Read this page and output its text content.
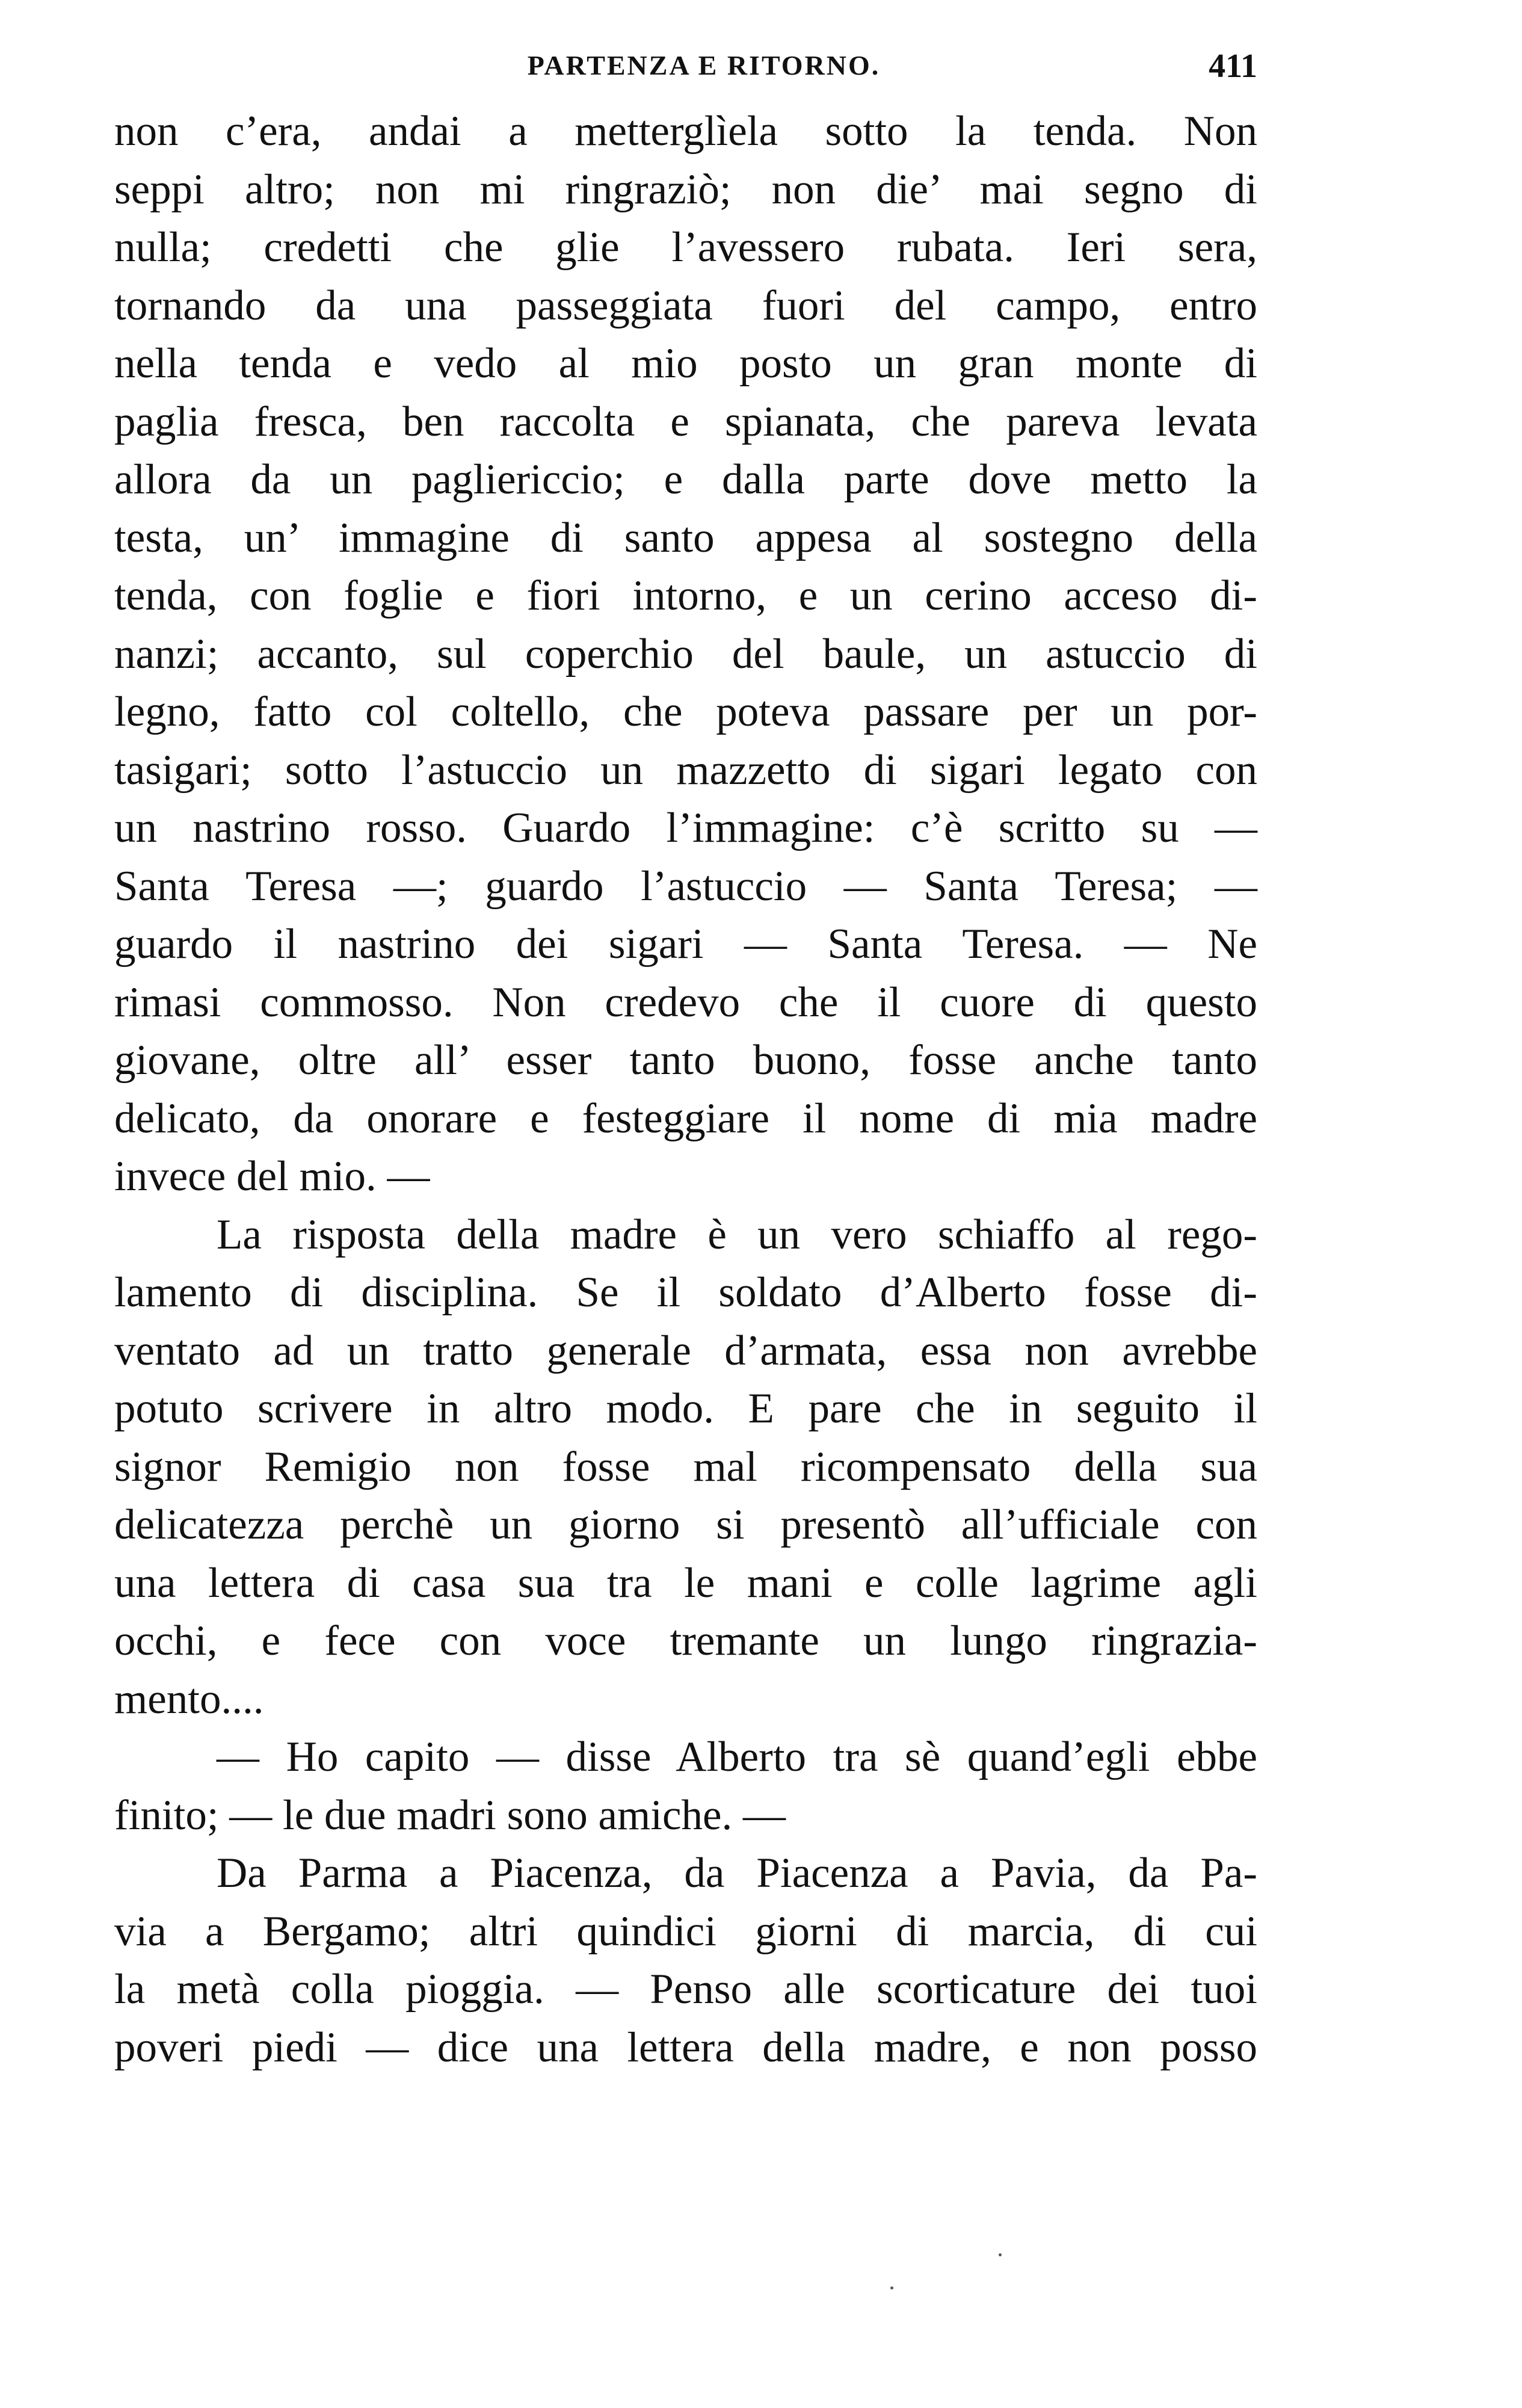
PARTENZA E RITORNO.	411
non c’era, andai a metterglìela sotto la tenda. Non
seppi altro; non mi ringraziò; non die’ mai segno di
nulla; credetti che glie l’avessero rubata. Ieri sera,
tornando da una passeggiata fuori del campo, entro
nella tenda e vedo al mio posto un gran monte di
paglia fresca, ben raccolta e spianata, che pareva levata
allora da un pagliericcio; e dalla parte dove metto la
testa, un’ immagine di santo appesa al sostegno della
tenda, con foglie e fiori intorno, e un cerino acceso di-
nanzi; accanto, sul coperchio del baule, un astuccio di
legno, fatto col coltello, che poteva passare per un por-
tasigari; sotto l’astuccio un mazzetto di sigari legato con
un nastrino rosso. Guardo l’immagine: c’è scritto su —
Santa Teresa —; guardo l’astuccio — Santa Teresa; —
guardo il nastrino dei sigari — Santa Teresa. — Ne
rimasi commosso. Non credevo che il cuore di questo
giovane, oltre all’ esser tanto buono, fosse anche tanto
delicato, da onorare e festeggiare il nome di mia madre
invece del mio. —
La risposta della madre è un vero schiaffo al rego-
lamento di disciplina. Se il soldato d’Alberto fosse di-
ventato ad un tratto generale d’armata, essa non avrebbe
potuto scrivere in altro modo. E pare che in seguito il
signor Remigio non fosse mal ricompensato della sua
delicatezza perchè un giorno si presentò all’ufficiale con
una lettera di casa sua tra le mani e colle lagrime agli
occhi, e fece con voce tremante un lungo ringrazia-
mento....
— Ho capito — disse Alberto tra sè quand’egli ebbe
finito; — le due madri sono amiche. —
Da Parma a Piacenza, da Piacenza a Pavia, da Pa-
via a Bergamo; altri quindici giorni di marcia, di cui
la metà colla pioggia. — Penso alle scorticature dei tuoi
poveri piedi — dice una lettera della madre, e non posso
